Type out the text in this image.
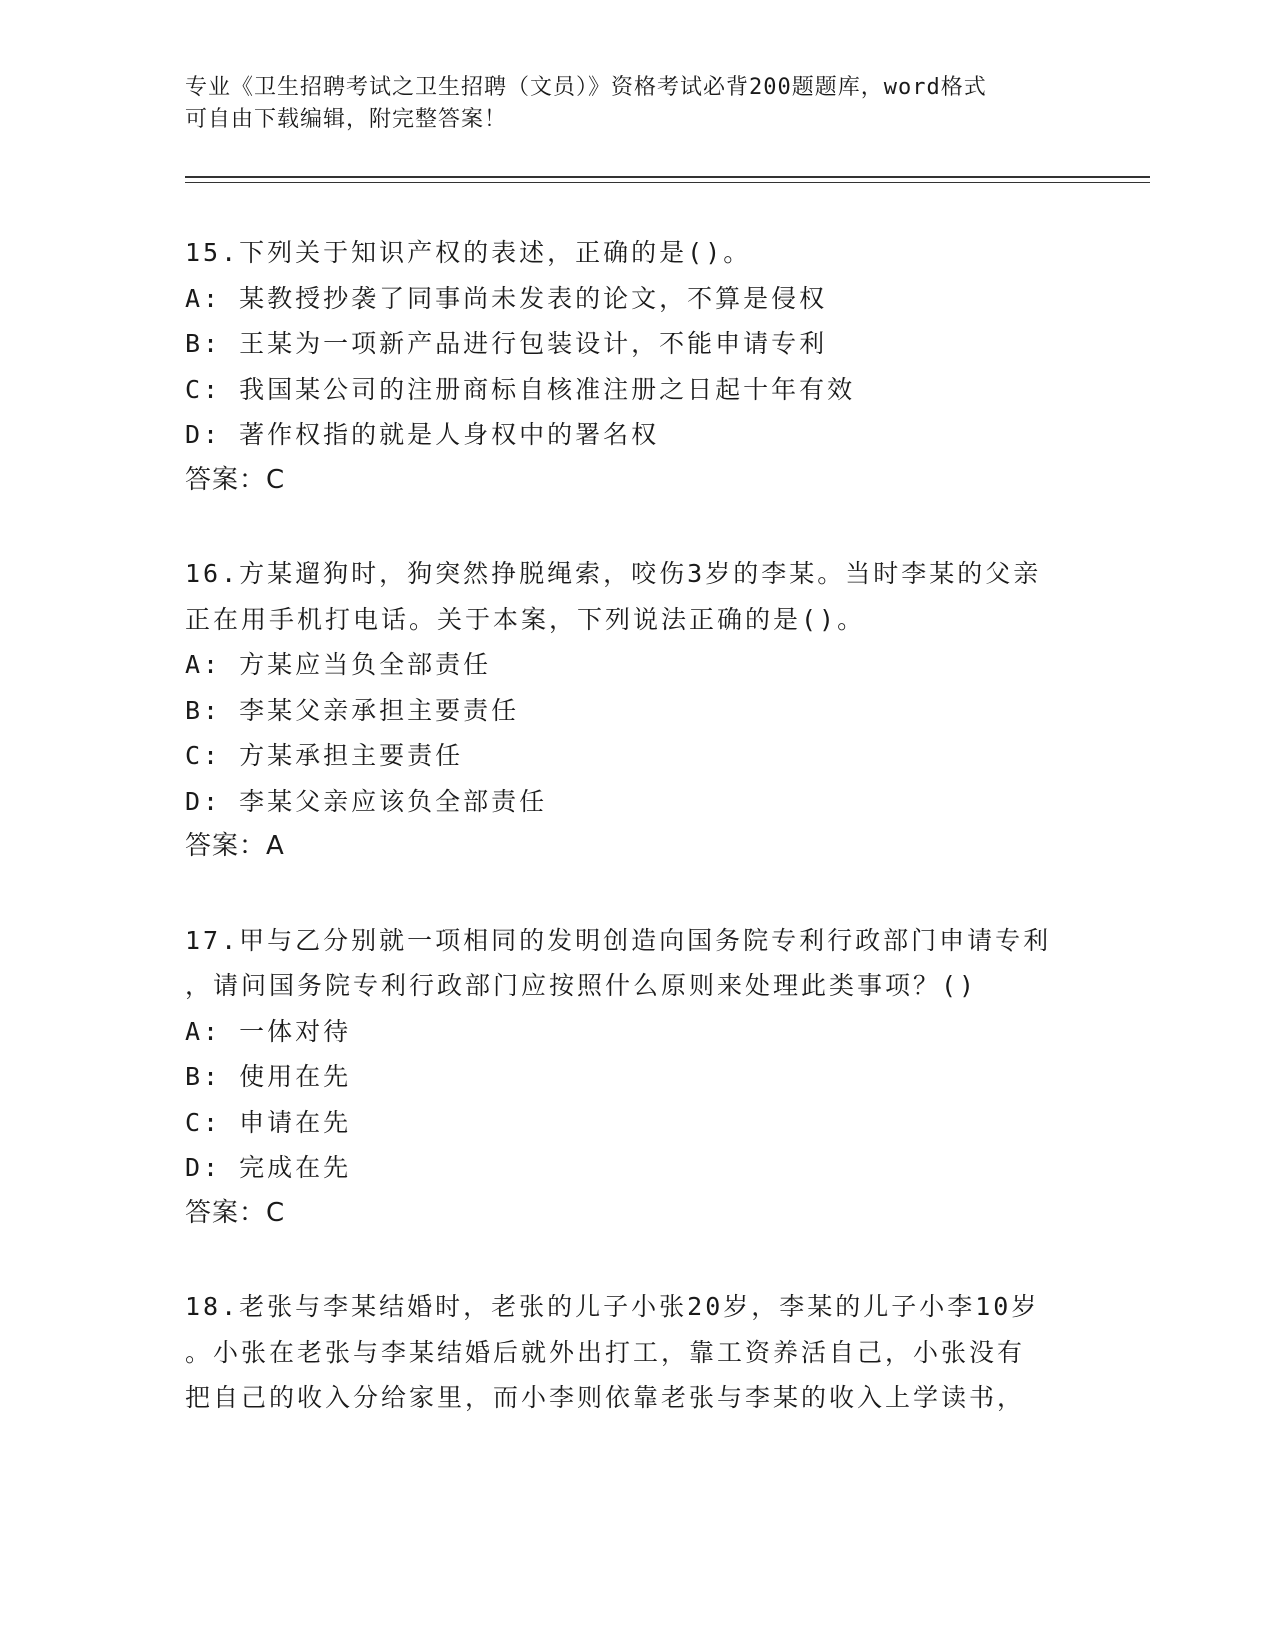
专业《卫生招聘考试之卫生招聘（文员）》资格考试必背200题题库，word格式
可自由下载编辑，附完整答案！
15.下列关于知识产权的表述，正确的是()。
A: 某教授抄袭了同事尚未发表的论文，不算是侵权
B: 王某为一项新产品进行包装设计，不能申请专利
C: 我国某公司的注册商标自核准注册之日起十年有效
D: 著作权指的就是人身权中的署名权
答案：C
16.方某遛狗时，狗突然挣脱绳索，咬伤3岁的李某。当时李某的父亲
正在用手机打电话。关于本案，下列说法正确的是()。
A: 方某应当负全部责任
B: 李某父亲承担主要责任
C: 方某承担主要责任
D: 李某父亲应该负全部责任
答案：A
17.甲与乙分别就一项相同的发明创造向国务院专利行政部门申请专利
，请问国务院专利行政部门应按照什么原则来处理此类事项？()
A: 一体对待
B: 使用在先
C: 申请在先
D: 完成在先
答案：C
18.老张与李某结婚时，老张的儿子小张20岁，李某的儿子小李10岁
。小张在老张与李某结婚后就外出打工，靠工资养活自己，小张没有
把自己的收入分给家里，而小李则依靠老张与李某的收入上学读书，
